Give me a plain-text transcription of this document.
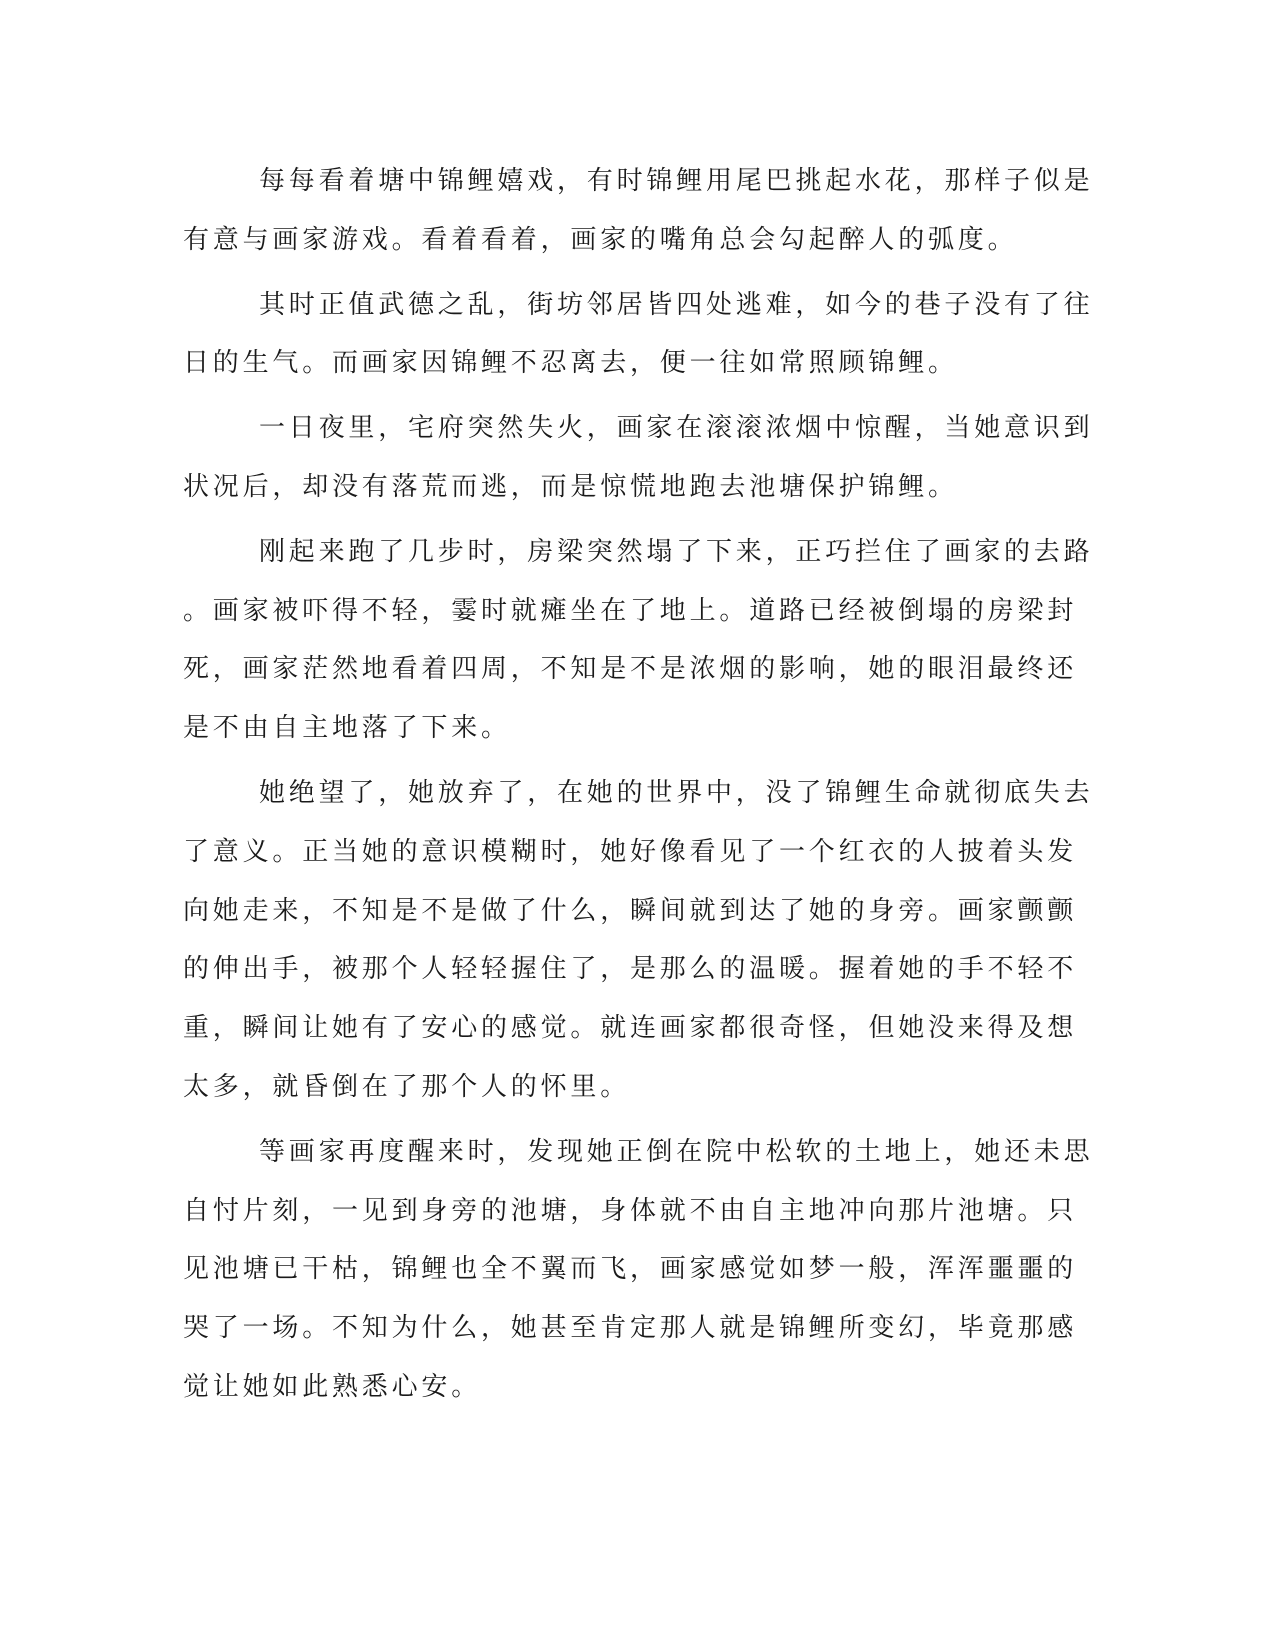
每每看着塘中锦鲤嬉戏，有时锦鲤用尾巴挑起水花，那样子似是
有意与画家游戏。看着看着，画家的嘴角总会勾起醉人的弧度。

其时正值武德之乱，街坊邻居皆四处逃难，如今的巷子没有了往
日的生气。而画家因锦鲤不忍离去，便一往如常照顾锦鲤。

一日夜里，宅府突然失火，画家在滚滚浓烟中惊醒，当她意识到
状况后，却没有落荒而逃，而是惊慌地跑去池塘保护锦鲤。

刚起来跑了几步时，房梁突然塌了下来，正巧拦住了画家的去路
。画家被吓得不轻，霎时就瘫坐在了地上。道路已经被倒塌的房梁封
死，画家茫然地看着四周，不知是不是浓烟的影响，她的眼泪最终还
是不由自主地落了下来。

她绝望了，她放弃了，在她的世界中，没了锦鲤生命就彻底失去
了意义。正当她的意识模糊时，她好像看见了一个红衣的人披着头发
向她走来，不知是不是做了什么，瞬间就到达了她的身旁。画家颤颤
的伸出手，被那个人轻轻握住了，是那么的温暖。握着她的手不轻不
重，瞬间让她有了安心的感觉。就连画家都很奇怪，但她没来得及想
太多，就昏倒在了那个人的怀里。

等画家再度醒来时，发现她正倒在院中松软的土地上，她还未思
自忖片刻，一见到身旁的池塘，身体就不由自主地冲向那片池塘。只
见池塘已干枯，锦鲤也全不翼而飞，画家感觉如梦一般，浑浑噩噩的
哭了一场。不知为什么，她甚至肯定那人就是锦鲤所变幻，毕竟那感
觉让她如此熟悉心安。
